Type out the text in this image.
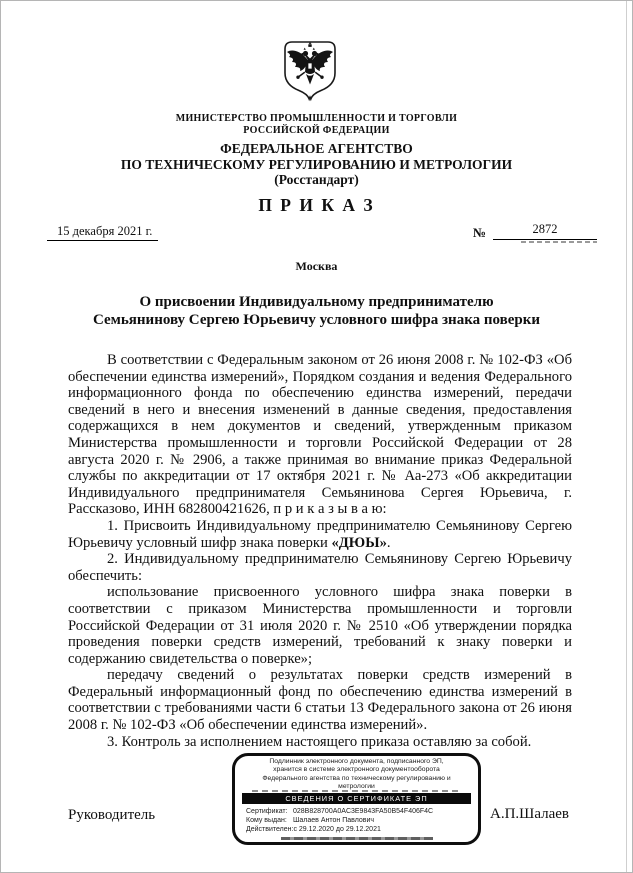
МИНИСТЕРСТВО ПРОМЫШЛЕННОСТИ И ТОРГОВЛИ
РОССИЙСКОЙ ФЕДЕРАЦИИ
ФЕДЕРАЛЬНОЕ АГЕНТСТВО
ПО ТЕХНИЧЕСКОМУ РЕГУЛИРОВАНИЮ И МЕТРОЛОГИИ
(Росстандарт)
П Р И К А З
15 декабря 2021 г.	№	2872
Москва
О присвоении Индивидуальному предпринимателю
Семьянинову Сергею Юрьевичу условного шифра знака поверки

В соответствии с Федеральным законом от 26 июня 2008 г. № 102-ФЗ «Об обеспечении единства измерений», Порядком создания и ведения Федерального информационного фонда по обеспечению единства измерений, передачи сведений в него и внесения изменений в данные сведения, предоставления содержащихся в нем документов и сведений, утвержденным приказом Министерства промышленности и торговли Российской Федерации от 28 августа 2020 г. № 2906, а также принимая во внимание приказ Федеральной службы по аккредитации от 17 октября 2021 г. № Аа-273 «Об аккредитации Индивидуального предпринимателя Семьянинова Сергея Юрьевича, г. Рассказово, ИНН 682800421626, п р и к а з ы в а ю:

1. Присвоить Индивидуальному предпринимателю Семьянинову Сергею Юрьевичу условный шифр знака поверки «ДЮЫ».

2. Индивидуальному предпринимателю Семьянинову Сергею Юрьевичу обеспечить:

использование присвоенного условного шифра знака поверки в соответствии с приказом Министерства промышленности и торговли Российской Федерации от 31 июля 2020 г. № 2510 «Об утверждении порядка проведения поверки средств измерений, требований к знаку поверки и содержанию свидетельства о поверке»;

передачу сведений о результатах поверки средств измерений в Федеральный информационный фонд по обеспечению единства измерений в соответствии с требованиями части 6 статьи 13 Федерального закона от 26 июня 2008 г. № 102-ФЗ «Об обеспечении единства измерений».

3. Контроль за исполнением настоящего приказа оставляю за собой.

Руководитель	А.П.Шалаев
Подлинник электронного документа, подписанного ЭП,
хранится в системе электронного документооборота
Федерального агентства по техническому регулированию и
метрологии
СВЕДЕНИЯ О СЕРТИФИКАТЕ ЭП
Сертификат: 028B828700A0AC3E9843FA50B54F406F4C
Кому выдан: Шалаев Антон Павлович
Действителен:с 29.12.2020 до 29.12.2021
